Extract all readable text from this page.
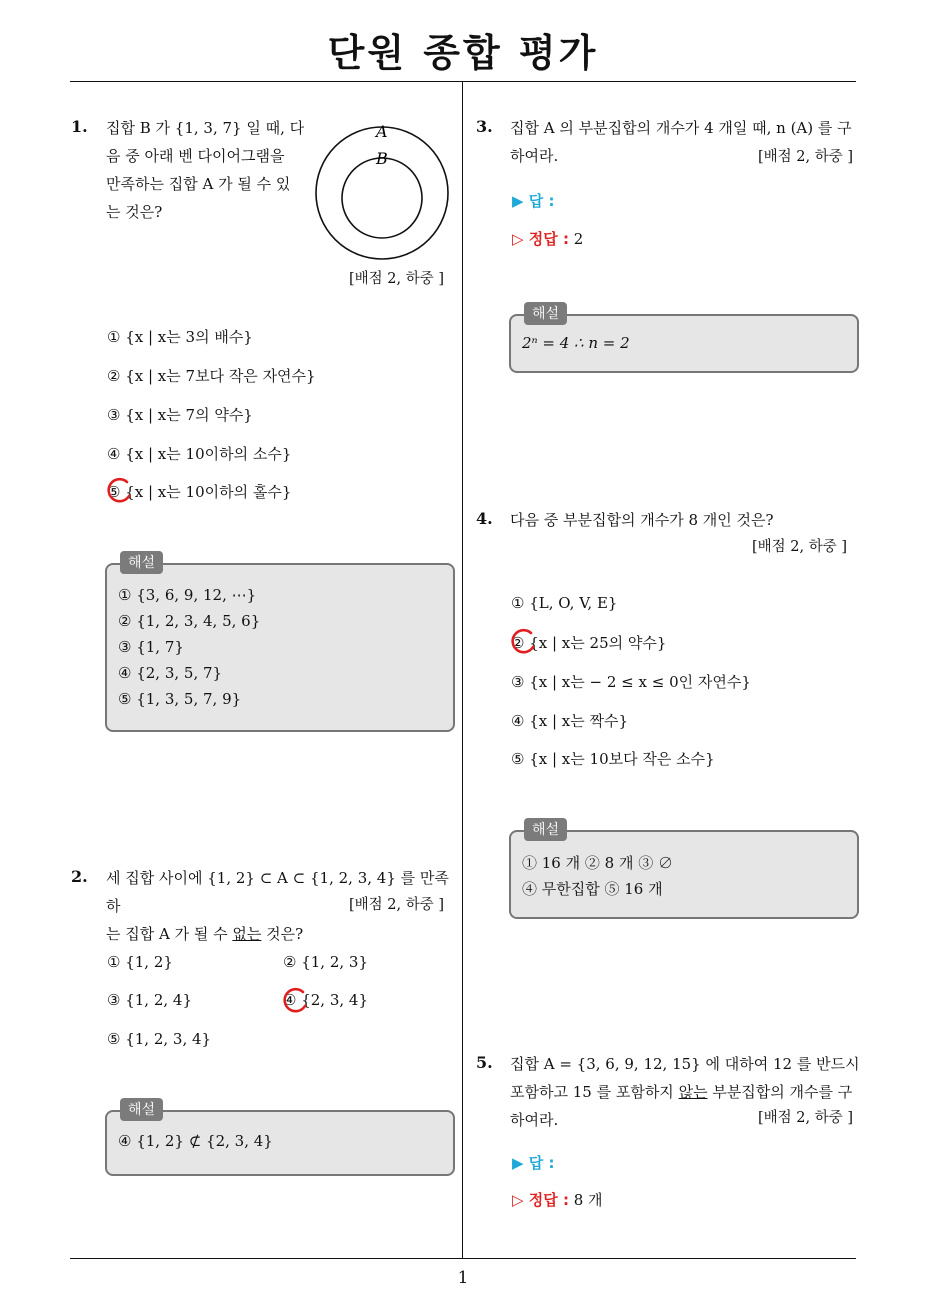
단원 종합 평가
1
1. 집합 B 가 {1, 3, 7} 일 때, 다
음 중 아래 벤 다이어그램을
만족하는 집합 A 가 될 수 있
는 것은?
A
B
[배점 2, 하중 ]
① {x | x는 3의 배수}
② {x | x는 7보다 작은 자연수}
③ {x | x는 7의 약수}
④ {x | x는 10이하의 소수}
⑤ {x | x는 10이하의 홀수}
해설
① {3, 6, 9, 12, ⋯}
② {1, 2, 3, 4, 5, 6}
③ {1, 7}
④ {2, 3, 5, 7}
⑤ {1, 3, 5, 7, 9}
2. 세 집합 사이에 {1, 2} ⊂ A ⊂ {1, 2, 3, 4} 를 만족하
는 집합 A 가 될 수 없는 것은?
[배점 2, 하중 ]
① {1, 2}	② {1, 2, 3}
③ {1, 2, 4}	④ {2, 3, 4}
⑤ {1, 2, 3, 4}
해설
④ {1, 2} ⊄ {2, 3, 4}
3. 집합 A 의 부분집합의 개수가 4 개일 때, n (A) 를 구
하여라.	[배점 2, 하중 ]
▶ 답 :
▷ 정답 : 2
해설
2ⁿ = 4 ∴ n = 2
4. 다음 중 부분집합의 개수가 8 개인 것은?
[배점 2, 하중 ]
① {L, O, V, E}
② {x | x는 25의 약수}
③ {x | x는 − 2 ≤ x ≤ 0인 자연수}
④ {x | x는 짝수}
⑤ {x | x는 10보다 작은 소수}
해설
① 16 개 ② 8 개 ③ ∅
④ 무한집합 ⑤ 16 개
5. 집합 A = {3, 6, 9, 12, 15} 에 대하여 12 를 반드시
포함하고 15 를 포함하지 않는 부분집합의 개수를 구
하여라.	[배점 2, 하중 ]
▶ 답 :
▷ 정답 : 8 개
